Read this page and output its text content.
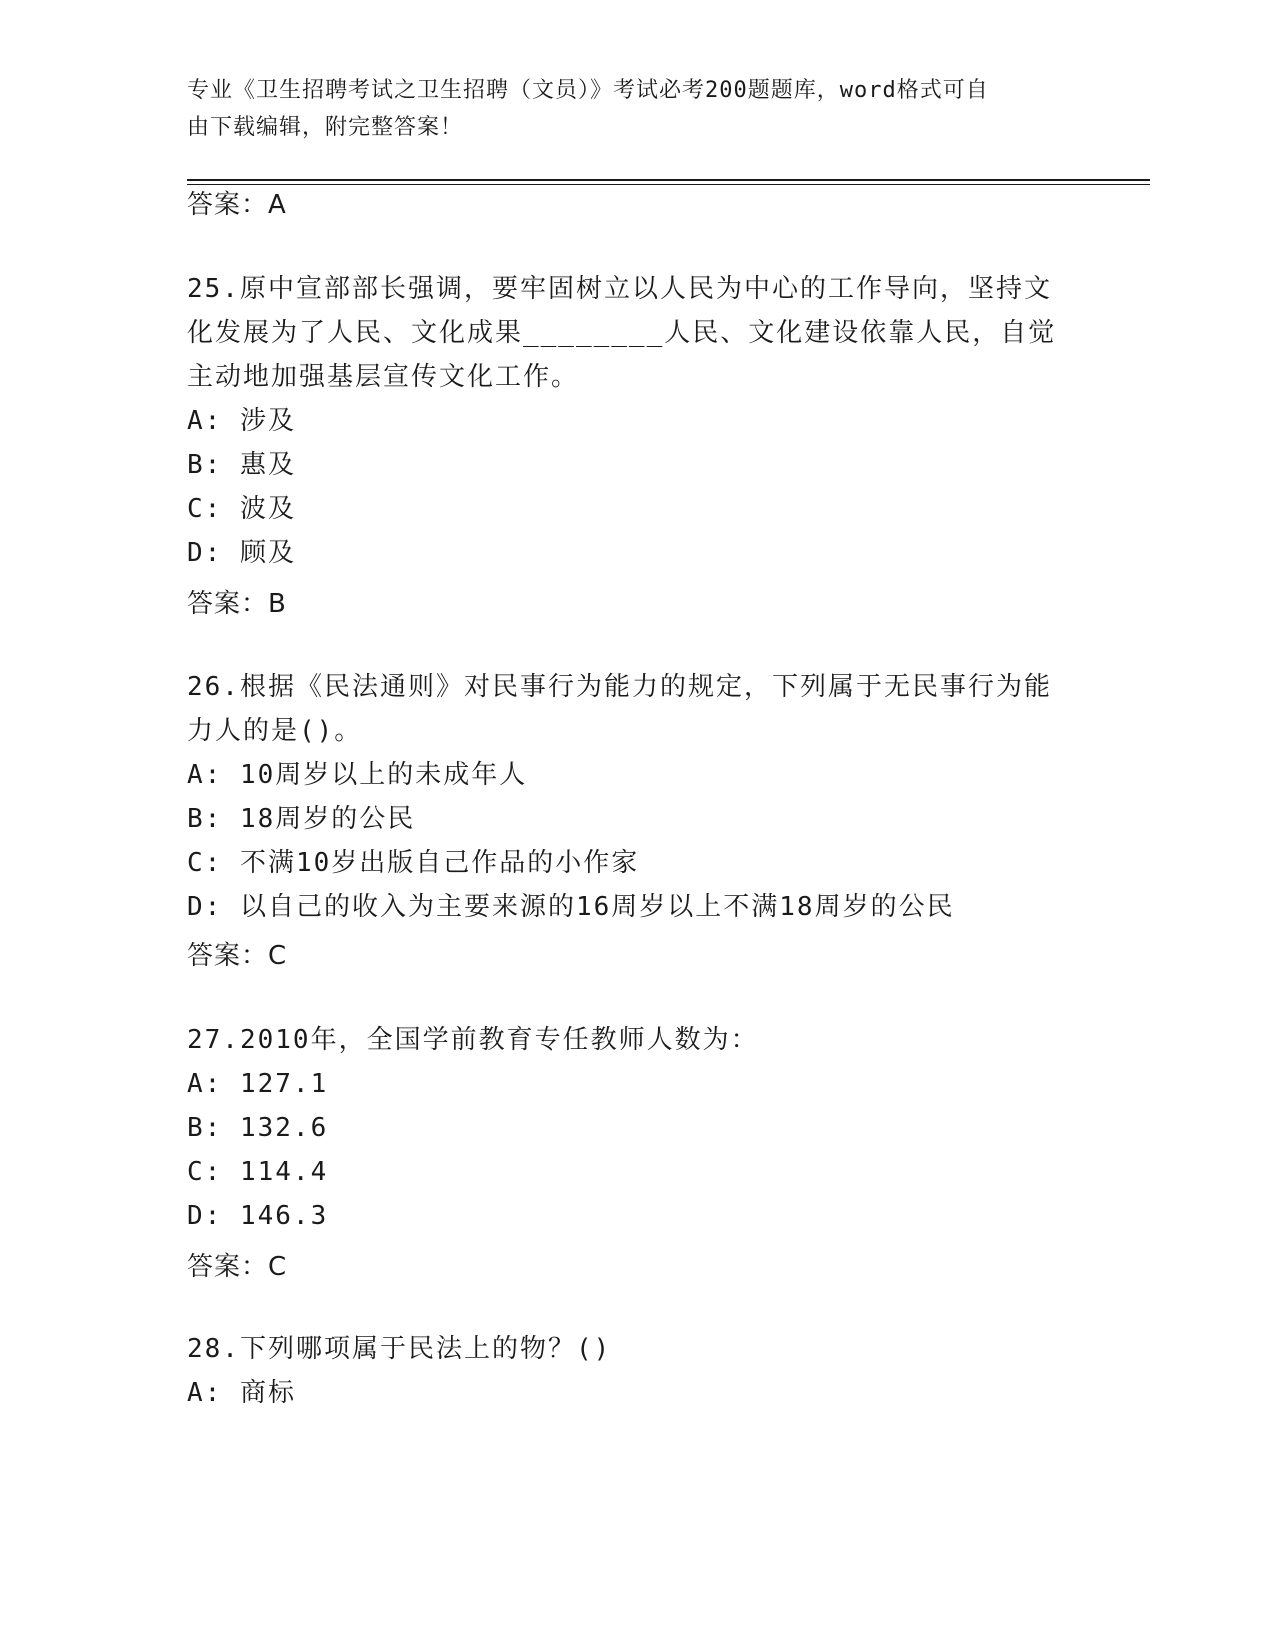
专业《卫生招聘考试之卫生招聘（文员）》考试必考200题题库，word格式可自
由下载编辑，附完整答案！
答案：A
25.原中宣部部长强调，要牢固树立以人民为中心的工作导向，坚持文
化发展为了人民、文化成果________人民、文化建设依靠人民，自觉
主动地加强基层宣传文化工作。
A: 涉及
B: 惠及
C: 波及
D: 顾及
答案：B
26.根据《民法通则》对民事行为能力的规定，下列属于无民事行为能
力人的是()。
A: 10周岁以上的未成年人
B: 18周岁的公民
C: 不满10岁出版自己作品的小作家
D: 以自己的收入为主要来源的16周岁以上不满18周岁的公民
答案：C
27.2010年，全国学前教育专任教师人数为：
A: 127.1
B: 132.6
C: 114.4
D: 146.3
答案：C
28.下列哪项属于民法上的物？()
A: 商标
